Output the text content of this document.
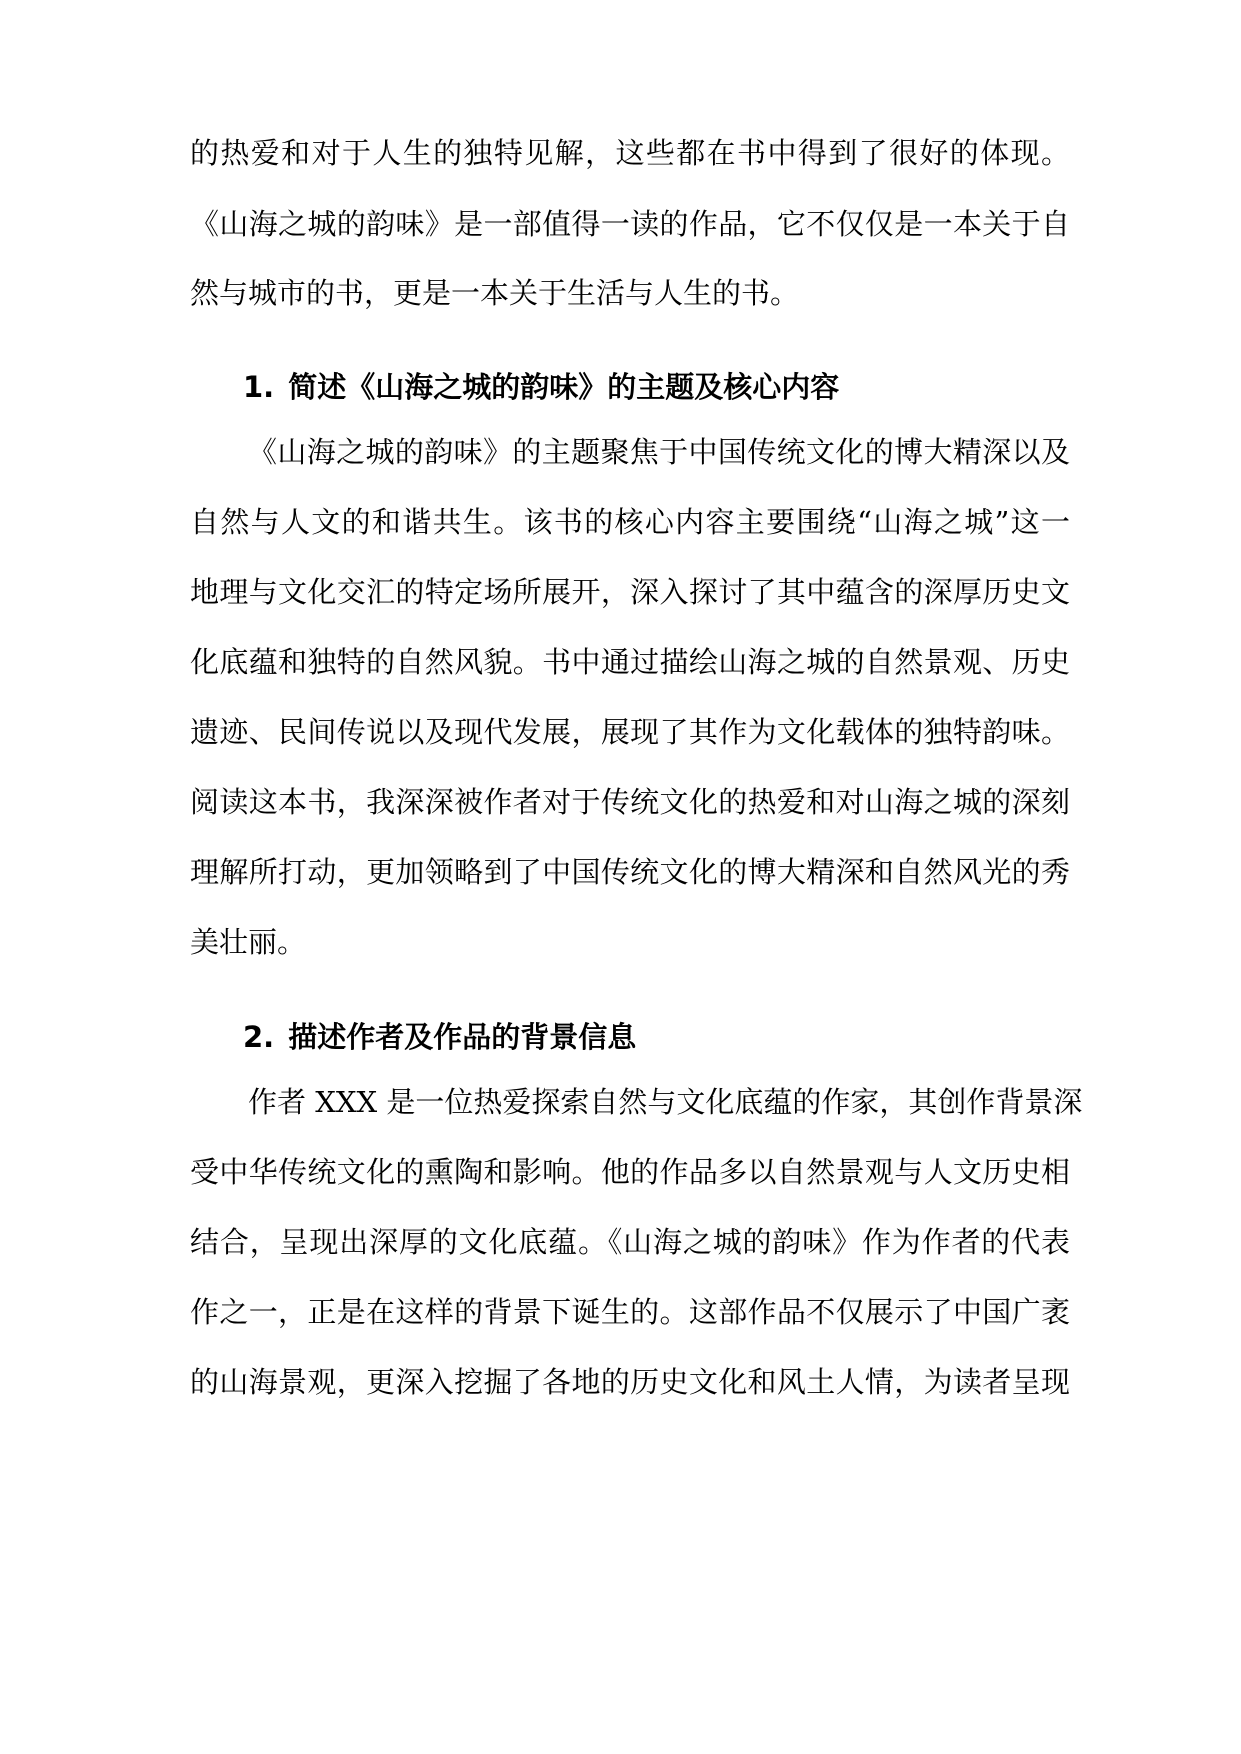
的热爱和对于人生的独特见解，这些都在书中得到了很好的体现。
《山海之城的韵味》是一部值得一读的作品，它不仅仅是一本关于自
然与城市的书，更是一本关于生活与人生的书。
1. 简述《山海之城的韵味》的主题及核心内容
《山海之城的韵味》的主题聚焦于中国传统文化的博大精深以及
自然与人文的和谐共生。该书的核心内容主要围绕“山海之城”这一
地理与文化交汇的特定场所展开，深入探讨了其中蕴含的深厚历史文
化底蕴和独特的自然风貌。书中通过描绘山海之城的自然景观、历史
遗迹、民间传说以及现代发展，展现了其作为文化载体的独特韵味。
阅读这本书，我深深被作者对于传统文化的热爱和对山海之城的深刻
理解所打动，更加领略到了中国传统文化的博大精深和自然风光的秀
美壮丽。
2. 描述作者及作品的背景信息
作者 XXX 是一位热爱探索自然与文化底蕴的作家，其创作背景深
受中华传统文化的熏陶和影响。他的作品多以自然景观与人文历史相
结合，呈现出深厚的文化底蕴。《山海之城的韵味》作为作者的代表
作之一，正是在这样的背景下诞生的。这部作品不仅展示了中国广袤
的山海景观，更深入挖掘了各地的历史文化和风土人情，为读者呈现
